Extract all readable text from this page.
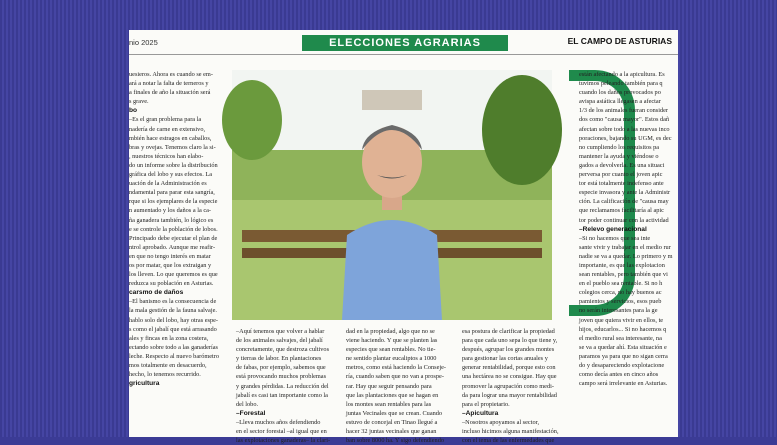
nio 2025	ELECCIONES AGRARIAS	EL CAMPO DE ASTURIAS

uesieros. Ahora es cuando se em-

ará a notar la falta de terneros y

a finales de año la situación será

s grave.

bo

–Es el gran problema para la

nadería de carne en extensivo,

mbién hace estragos en caballos,

bras y ovejas. Tenemos claro la si-

, nuestros técnicos han elabo-

do un informe sobre la distribución

gráfica del lobo y sus efectos. La

uación de la Administración es

ndamental para parar esta sangría,

rque si los ejemplares de la especie

n aumentado y los daños a la ca-

ña ganadera también, lo lógico es

e se controle la población de lobos.

Principado debe ejecutar el plan de

ntrol aprobado. Aunque me reafir-

en que no tengo interés en matar

os por matar, que los extraigan y

los lleven. Lo que queremos es que

reduzca su población en Asturias.

carsmo de daños

–El banismo es la consecuencia de

la mala gestión de la fauna salvaje.

hablo solo del lobo, hay otras espe-

s como el jabalí que está arrasando

ales y fincas en la zona costera,

ectando sobre todo a las ganaderías

leche. Respecto al nuevo barómetro

mos totalmente en desacuerdo,

hecho, lo tenemos recurrido.

gricultura

–Aquí tenemos que volver a hablar

de los animales salvajes, del jabalí

concretamente, que destroza cultivos

y tierras de labor. En plantaciones

de fabas, por ejemplo, sabemos que

está provocando muchos problemas

y grandes pérdidas. La reducción del

jabalí es casi tan importante como la

del lobo.

–Forestal

–Lleva muchos años defendiendo

en el sector forestal –al igual que en

las explotaciones ganaderas– la clari-

dad en la propiedad, algo que no se

viene haciendo. Y que se planten las

especies que sean rentables. No tie-

ne sentido plantar eucaliptos a 1000

metros, como está haciendo la Conseje-

ría, cuando saben que no van a prospe-

rar. Hay que seguir pensando para

que las plantaciones que se hagan en

los montes sean rentables para las

juntas Vecinales que se crean. Cuando

estuvo de concejal en Tinao llegué a

hacer 32 juntas vecinales que ganan

ban sobre 8000 ha. Y sigo defendiendo

esa postura de clarificar la propiedad

para que cada uno sepa lo que tiene y,

después, agrupar los grandes montes

para gestionar las cortas anuales y

generar rentabilidad, porque esto con

una hectárea no se consigue. Hay que

promover la agrupación como medi-

da para lograr una mayor rentabilidad

para el propietario.

–Apicultura

–Nosotros apoyamos al sector,

incluso hicimos alguna manifestación,

con el tema de las enfermedades que

están afectando a la apicultura. Es

tuvimos peleando también para q

cuando los daños provocados po

avispa asiática llegasen a afectar

1/3 de los animales fueran consider

dos como "causa mayor". Estos dañ

afectan sobre todo a las nuevas inco

poraciones, bajando su UGM, es dec

no cumpliendo los requisitos pa

mantener la ayuda y viéndose o

gados a devolverla. Es una situaci

perversa por cuanto el joven apic

tor está totalmente indefenso ante

especie invasora y ante la Administr

ción. La calificación de "causa may

que reclamamos facilitaría al apic

tor poder continuar con la actividad

–Relevo generacional

–Si no hacemos que sea inte

sante vivir y trabajar en el medio rur

nadie se va a quedar. Lo primero y m

importante, es que las explotacion

sean rentables, pero también que vi

en el pueblo sea rentable. Si no h

colegios cerca, no hay buenos ac

pamientos y servicios, esos pueb

no serán interesantes para la ge

joven que quiera vivir en ellos, te

hijos, educarlos... Si no hacemos q

el medio rural sea interesante, na

se va a quedar ahí. Esta situación e

paramos ya para que no sigan cerra

do y desapareciendo explotacione

como decía antes en cinco años

campo será irrelevante en Asturias.
